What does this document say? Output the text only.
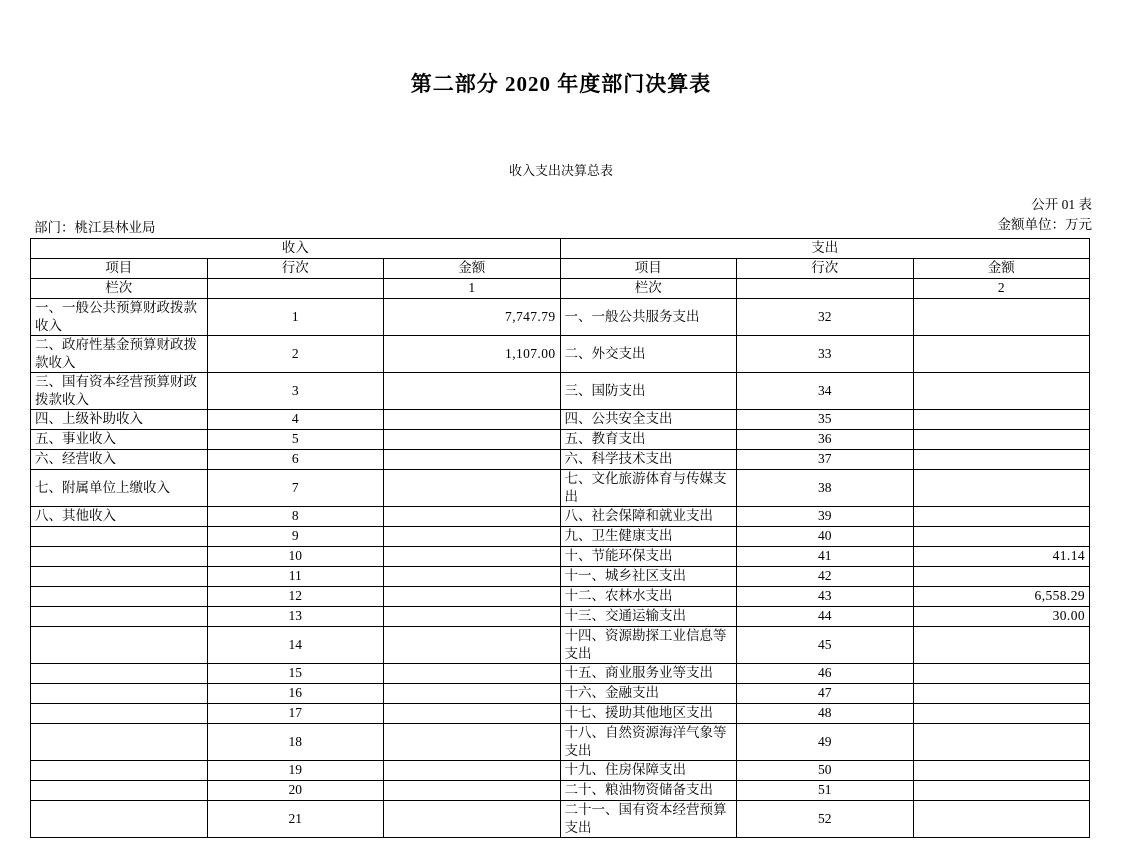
第二部分 2020 年度部门决算表
收入支出决算总表
部门：桃江县林业局
公开 01 表
金额单位：万元
收入			支出		
项目	行次	金额	项目	行次	金额
栏次		1	栏次		2
一、一般公共预算财政拨款收入	1	7,747.79	一、一般公共服务支出	32	
二、政府性基金预算财政拨款收入	2	1,107.00	二、外交支出	33	
三、国有资本经营预算财政拨款收入	3		三、国防支出	34	
四、上级补助收入	4		四、公共安全支出	35	
五、事业收入	5		五、教育支出	36	
六、经营收入	6		六、科学技术支出	37	
七、附属单位上缴收入	7		七、文化旅游体育与传媒支出	38	
八、其他收入	8		八、社会保障和就业支出	39	
	9		九、卫生健康支出	40	
	10		十、节能环保支出	41	41.14
	11		十一、城乡社区支出	42	
	12		十二、农林水支出	43	6,558.29
	13		十三、交通运输支出	44	30.00
	14		十四、资源勘探工业信息等支出	45	
	15		十五、商业服务业等支出	46	
	16		十六、金融支出	47	
	17		十七、援助其他地区支出	48	
	18		十八、自然资源海洋气象等支出	49	
	19		十九、住房保障支出	50	
	20		二十、粮油物资储备支出	51	
	21		二十一、国有资本经营预算支出	52	
